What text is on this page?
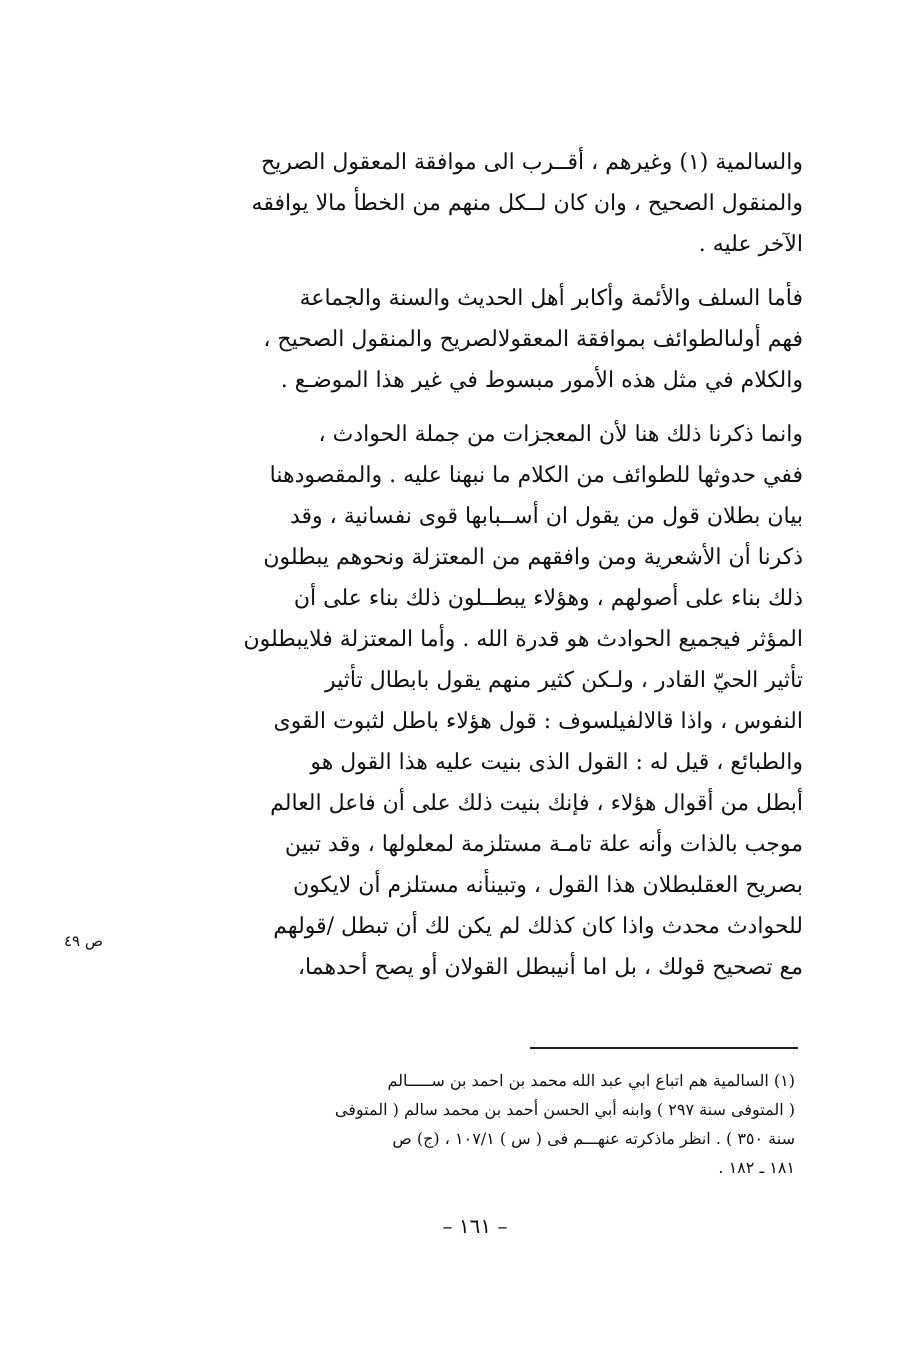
والسالمية (١) وغيرهم ، أقــرب الى موافقة المعقول الصريح
والمنقول الصحيح ، وان كان لــكل منهم من الخطأ مالا يوافقه
الآخر عليه .
فأما السلف والأئمة وأكابر أهل الحديث والسنة والجماعة
فهم أولىالطوائف بموافقة المعقولالصريح والمنقول الصحيح ،
والكلام في مثل هذه الأمور مبسوط في غير هذا الموضـع .
وانما ذكرنا ذلك هنا لأن المعجزات من جملة الحوادث ،
ففي حدوثها للطوائف من الكلام ما نبهنا عليه . والمقصودهنا
بيان بطلان قول من يقول ان أســبابها قوى نفسانية ، وقد
ذكرنا أن الأشعرية ومن وافقهم من المعتزلة ونحوهم يبطلون
ذلك بناء على أصولهم ، وهؤلاء يبطــلون ذلك بناء على أن
المؤثر فيجميع الحوادث هو قدرة الله . وأما المعتزلة فلايبطلون
تأثير الحيّ القادر ، ولـكن كثير منهم يقول بابطال تأثير
النفوس ، واذا قالالفيلسوف : قول هؤلاء باطل لثبوت القوى
والطبائع ، قيل له : القول الذى بنيت عليه هذا القول هو
أبطل من أقوال هؤلاء ، فإنك بنيت ذلك على أن فاعل العالم
موجب بالذات وأنه علة تامـة مستلزمة لمعلولها ، وقد تبين
بصريح العقلبطلان هذا القول ، وتبينأنه مستلزم أن لايكون
للحوادث محدث واذا كان كذلك لم يكن لك أن تبطل /قولهم
مع تصحيح قولك ، بل اما أنيبطل القولان أو يصح أحدهما،
ص ٤٩
(١) السالمية هم اتباع ابي عبد الله محمد بن احمد بن ســـــالم
( المتوفى سنة ٢٩٧ ) وابنه أبي الحسن أحمد بن محمد سالم ( المتوفى
سنة ٣٥٠ ) . انظر ماذكرته عنهـــم فى ( س ) ١٠٧/١ ، (ج) ص
١٨١ ـ ١٨٢ .
– ١٦١ –
